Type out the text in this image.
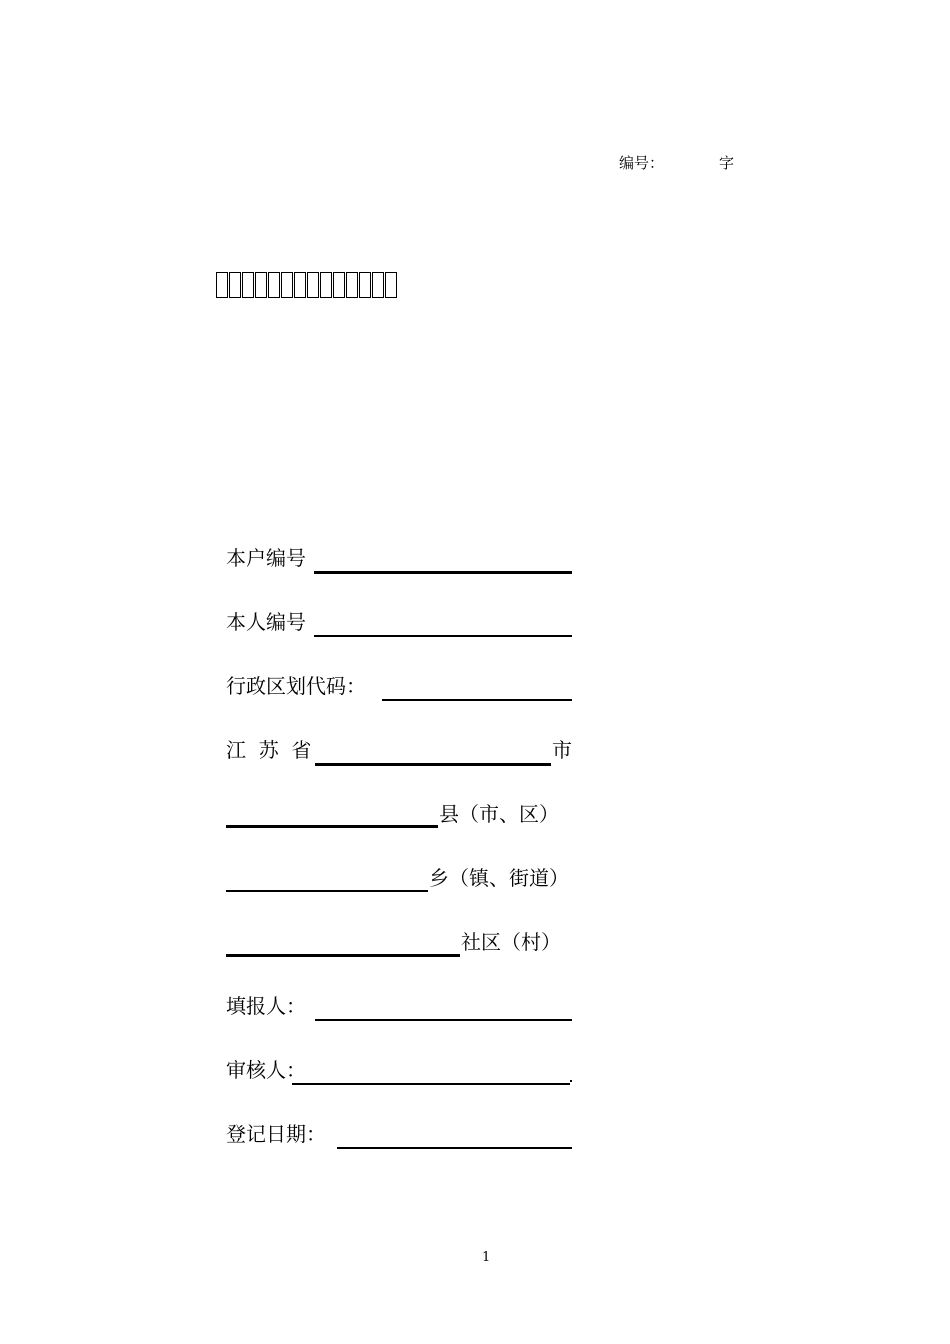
编号：	字
本户编号
本人编号
行政区划代码：
江  苏  省	市
县（市、区）
乡（镇、街道）
社区（村）
填报人：
审核人：
登记日期：
1
